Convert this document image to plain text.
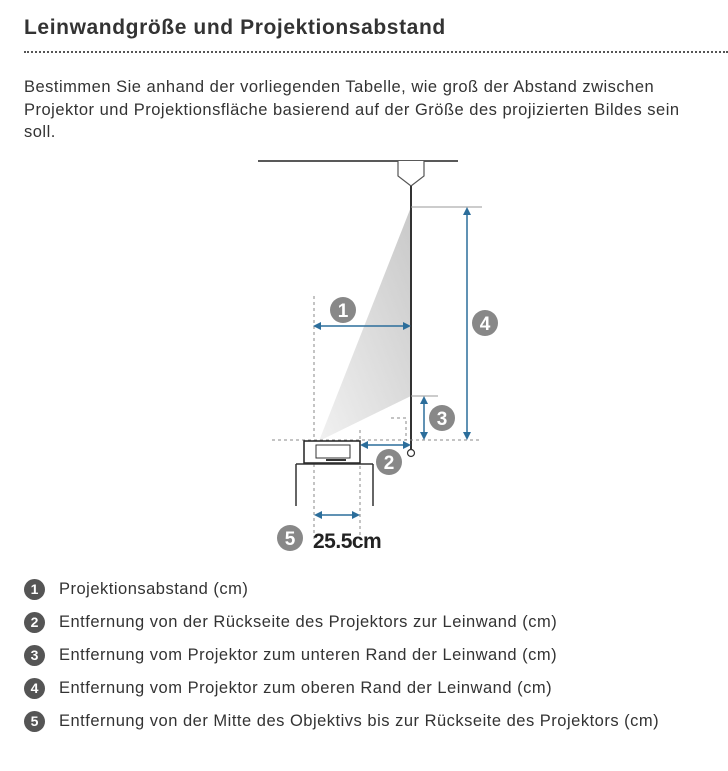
Leinwandgröße und Projektionsabstand

Bestimmen Sie anhand der vorliegenden Tabelle, wie groß der Abstand zwischen Projektor und Projektionsfläche basierend auf der Größe des projizierten Bildes sein soll.

1
2
3
4
5 25.5cm
1	Projektionsabstand (cm)
2	Entfernung von der Rückseite des Projektors zur Leinwand (cm)
3	Entfernung vom Projektor zum unteren Rand der Leinwand (cm)
4	Entfernung vom Projektor zum oberen Rand der Leinwand (cm)
5	Entfernung von der Mitte des Objektivs bis zur Rückseite des Projektors (cm)
